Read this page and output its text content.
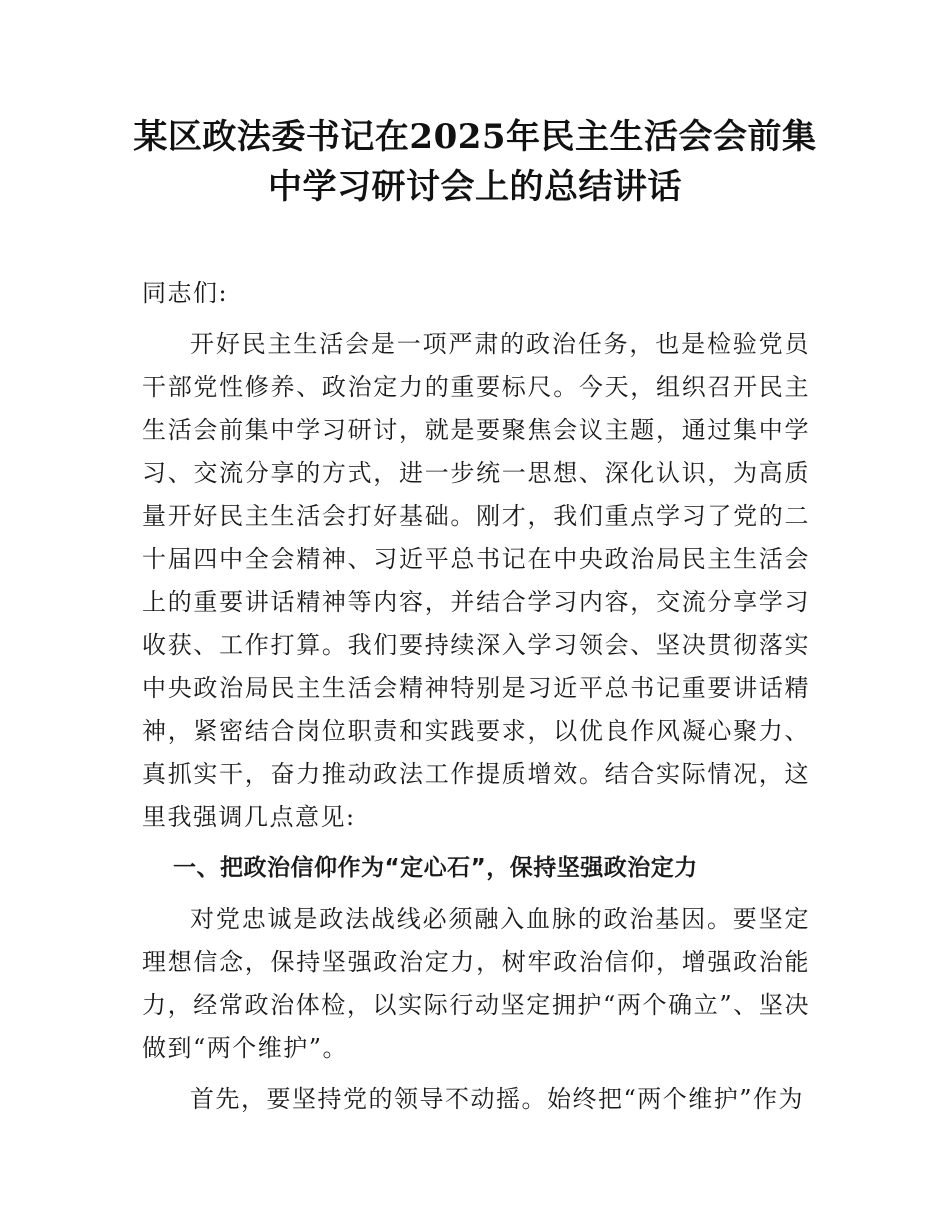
某区政法委书记在2025年民主生活会会前集
中学习研讨会上的总结讲话

同志们:

开好民主生活会是一项严肃的政治任务，也是检验党员干部党性修养、政治定力的重要标尺。今天，组织召开民主生活会前集中学习研讨，就是要聚焦会议主题，通过集中学习、交流分享的方式，进一步统一思想、深化认识，为高质量开好民主生活会打好基础。刚才，我们重点学习了党的二十届四中全会精神、习近平总书记在中央政治局民主生活会上的重要讲话精神等内容，并结合学习内容，交流分享学习收获、工作打算。我们要持续深入学习领会、坚决贯彻落实中央政治局民主生活会精神特别是习近平总书记重要讲话精神，紧密结合岗位职责和实践要求，以优良作风凝心聚力、真抓实干，奋力推动政法工作提质增效。结合实际情况，这里我强调几点意见:

一、把政治信仰作为“定心石”，保持坚强政治定力

对党忠诚是政法战线必须融入血脉的政治基因。要坚定理想信念，保持坚强政治定力，树牢政治信仰，增强政治能力，经常政治体检，以实际行动坚定拥护“两个确立”、坚决做到“两个维护”。

首先，要坚持党的领导不动摇。始终把“两个维护”作为
